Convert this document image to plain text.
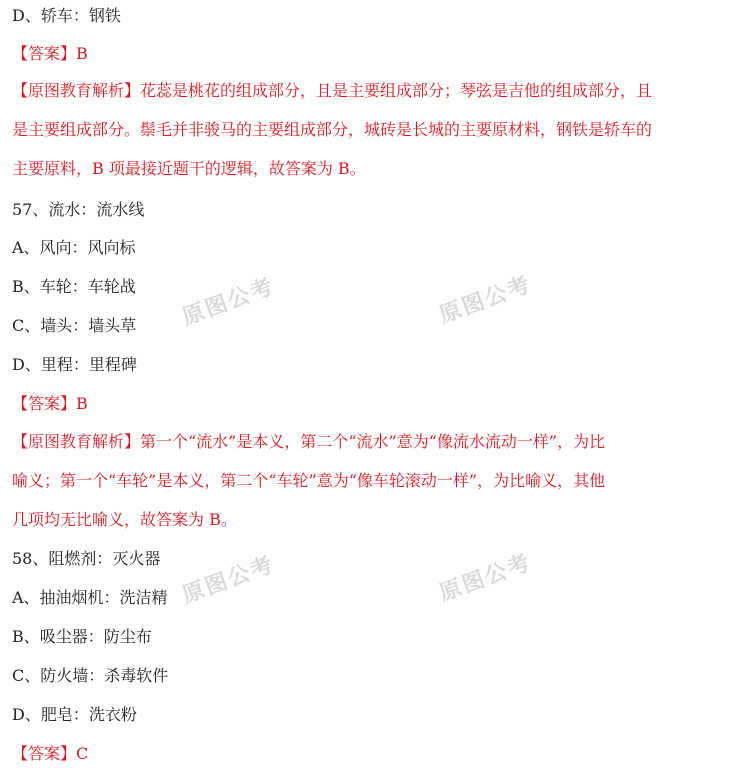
D、轿车：钢铁
【答案】B
【原图教育解析】花蕊是桃花的组成部分，且是主要组成部分；琴弦是吉他的组成部分，且
是主要组成部分。鬃毛并非骏马的主要组成部分，城砖是长城的主要原材料，钢铁是轿车的
主要原料，B 项最接近题干的逻辑，故答案为 B。
57、流水：流水线
A、风向：风向标
B、车轮：车轮战
C、墙头：墙头草
D、里程：里程碑
【答案】B
【原图教育解析】第一个“流水”是本义，第二个“流水”意为“像流水流动一样”，为比
喻义；第一个“车轮”是本义，第二个“车轮”意为“像车轮滚动一样”，为比喻义，其他
几项均无比喻义，故答案为 B。
58、阻燃剂：灭火器
A、抽油烟机：洗洁精
B、吸尘器：防尘布
C、防火墙：杀毒软件
D、肥皂：洗衣粉
【答案】C
原图公考	原图公考
原图公考	原图公考
